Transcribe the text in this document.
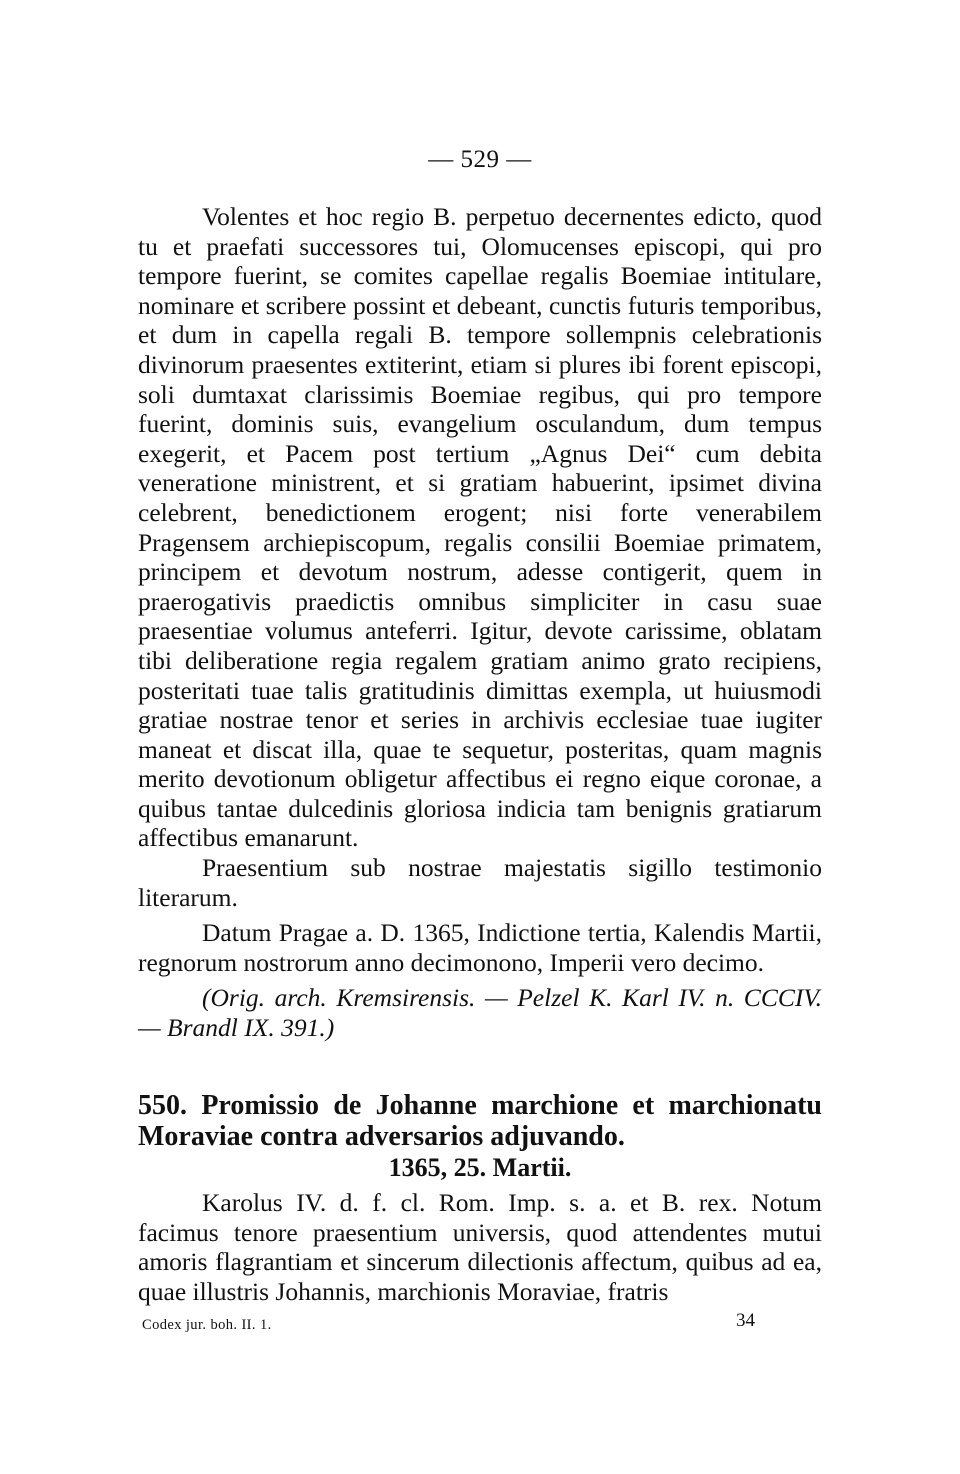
— 529 —

Volentes et hoc regio B. perpetuo decernentes edicto, quod tu et praefati successores tui, Olomucenses episcopi, qui pro tempore fuerint, se comites capellae regalis Boemiae intitulare, nominare et scribere possint et debeant, cunctis futuris temporibus, et dum in capella regali B. tempore sollempnis celebrationis divinorum praesentes extiterint, etiam si plures ibi forent episcopi, soli dumtaxat clarissimis Boemiae regibus, qui pro tempore fuerint, dominis suis, evangelium osculandum, dum tempus exegerit, et Pacem post tertium „Agnus Dei“ cum debita veneratione ministrent, et si gratiam habuerint, ipsimet divina celebrent, benedictionem erogent; nisi forte venerabilem Pragensem archiepiscopum, regalis consilii Boemiae primatem, principem et devotum nostrum, adesse contigerit, quem in praerogativis praedictis omnibus simpliciter in casu suae praesentiae volumus anteferri. Igitur, devote carissime, oblatam tibi deliberatione regia regalem gratiam animo grato recipiens, posteritati tuae talis gratitudinis dimittas exempla, ut huiusmodi gratiae nostrae tenor et series in archivis ecclesiae tuae iugiter maneat et discat illa, quae te sequetur, posteritas, quam magnis merito devotionum obligetur affectibus ei regno eique coronae, a quibus tantae dulcedinis gloriosa indicia tam benignis gratiarum affectibus emanarunt.

Praesentium sub nostrae majestatis sigillo testimonio literarum.

Datum Pragae a. D. 1365, Indictione tertia, Kalendis Martii, regnorum nostrorum anno decimonono, Imperii vero decimo.

(Orig. arch. Kremsirensis. — Pelzel K. Karl IV. n. CCCIV. — Brandl IX. 391.)

550. Promissio de Johanne marchione et marchionatu Moraviae contra adversarios adjuvando.
1365, 25. Martii.

Karolus IV. d. f. cl. Rom. Imp. s. a. et B. rex. Notum facimus tenore praesentium universis, quod attendentes mutui amoris flagrantiam et sincerum dilectionis affectum, quibus ad ea, quae illustris Johannis, marchionis Moraviae, fratris

Codex jur. boh. II. 1.	34
